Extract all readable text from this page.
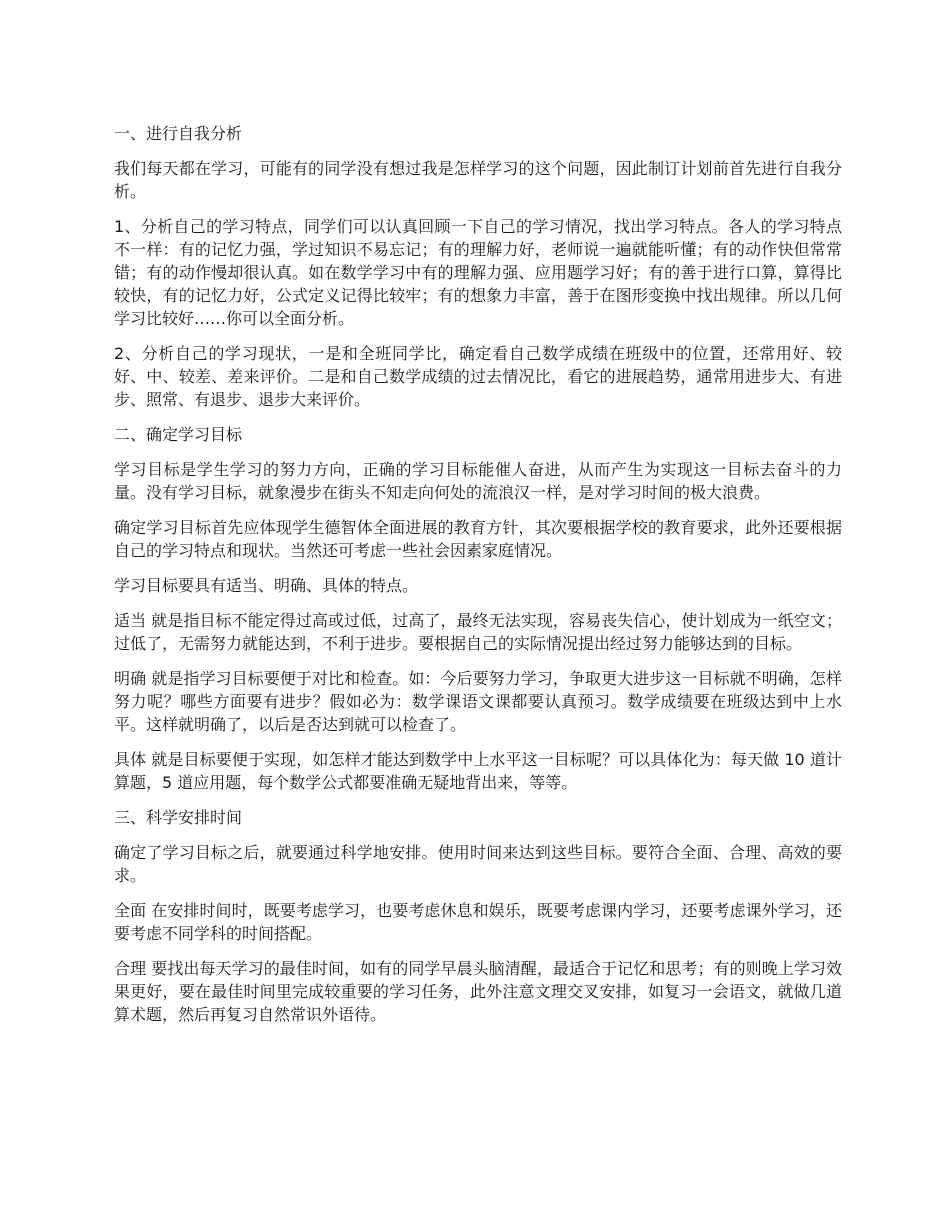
一、进行自我分析

我们每天都在学习，可能有的同学没有想过我是怎样学习的这个问题，因此制订计划前首先进行自我分析。

1、分析自己的学习特点，同学们可以认真回顾一下自己的学习情况，找出学习特点。各人的学习特点不一样：有的记忆力强，学过知识不易忘记；有的理解力好，老师说一遍就能听懂；有的动作快但常常错；有的动作慢却很认真。如在数学学习中有的理解力强、应用题学习好；有的善于进行口算，算得比较快，有的记忆力好，公式定义记得比较牢；有的想象力丰富，善于在图形变换中找出规律。所以几何学习比较好……你可以全面分析。

2、分析自己的学习现状，一是和全班同学比，确定看自己数学成绩在班级中的位置，还常用好、较好、中、较差、差来评价。二是和自己数学成绩的过去情况比，看它的进展趋势，通常用进步大、有进步、照常、有退步、退步大来评价。

二、确定学习目标

学习目标是学生学习的努力方向，正确的学习目标能催人奋进，从而产生为实现这一目标去奋斗的力量。没有学习目标，就象漫步在街头不知走向何处的流浪汉一样，是对学习时间的极大浪费。

确定学习目标首先应体现学生德智体全面进展的教育方针，其次要根据学校的教育要求，此外还要根据自己的学习特点和现状。当然还可考虑一些社会因素家庭情况。

学习目标要具有适当、明确、具体的特点。

适当 就是指目标不能定得过高或过低，过高了，最终无法实现，容易丧失信心，使计划成为一纸空文；过低了，无需努力就能达到，不利于进步。要根据自己的实际情况提出经过努力能够达到的目标。

明确 就是指学习目标要便于对比和检查。如：今后要努力学习，争取更大进步这一目标就不明确，怎样努力呢？哪些方面要有进步？假如必为：数学课语文课都要认真预习。数学成绩要在班级达到中上水平。这样就明确了，以后是否达到就可以检查了。

具体 就是目标要便于实现，如怎样才能达到数学中上水平这一目标呢？可以具体化为：每天做 10 道计算题，5 道应用题，每个数学公式都要准确无疑地背出来，等等。

三、科学安排时间

确定了学习目标之后，就要通过科学地安排。使用时间来达到这些目标。要符合全面、合理、高效的要求。

全面 在安排时间时，既要考虑学习，也要考虑休息和娱乐，既要考虑课内学习，还要考虑课外学习，还要考虑不同学科的时间搭配。

合理 要找出每天学习的最佳时间，如有的同学早晨头脑清醒，最适合于记忆和思考；有的则晚上学习效果更好，要在最佳时间里完成较重要的学习任务，此外注意文理交叉安排，如复习一会语文，就做几道算术题，然后再复习自然常识外语待。
